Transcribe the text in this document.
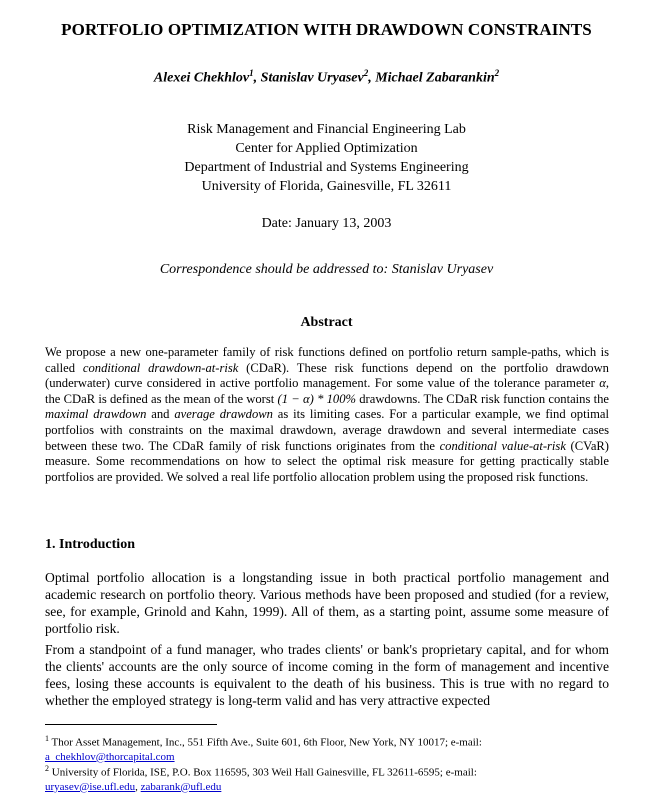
PORTFOLIO OPTIMIZATION WITH DRAWDOWN CONSTRAINTS
Alexei Chekhlov$^1$, Stanislav Uryasev$^2$, Michael Zabarankin$^2$
Risk Management and Financial Engineering Lab
Center for Applied Optimization
Department of Industrial and Systems Engineering
University of Florida, Gainesville, FL 32611
Date: January 13, 2003
Correspondence should be addressed to: Stanislav Uryasev
Abstract
We propose a new one-parameter family of risk functions defined on portfolio return sample-paths, which is called conditional drawdown-at-risk (CDaR). These risk functions depend on the portfolio drawdown (underwater) curve considered in active portfolio management. For some value of the tolerance parameter α, the CDaR is defined as the mean of the worst (1 − α) * 100% drawdowns. The CDaR risk function contains the maximal drawdown and average drawdown as its limiting cases. For a particular example, we find optimal portfolios with constraints on the maximal drawdown, average drawdown and several intermediate cases between these two. The CDaR family of risk functions originates from the conditional value-at-risk (CVaR) measure. Some recommendations on how to select the optimal risk measure for getting practically stable portfolios are provided. We solved a real life portfolio allocation problem using the proposed risk functions.
1. Introduction
Optimal portfolio allocation is a longstanding issue in both practical portfolio management and academic research on portfolio theory. Various methods have been proposed and studied (for a review, see, for example, Grinold and Kahn, 1999). All of them, as a starting point, assume some measure of portfolio risk.
From a standpoint of a fund manager, who trades clients' or bank's proprietary capital, and for whom the clients' accounts are the only source of income coming in the form of management and incentive fees, losing these accounts is equivalent to the death of his business. This is true with no regard to whether the employed strategy is long-term valid and has very attractive expected
$^1$ Thor Asset Management, Inc., 551 Fifth Ave., Suite 601, 6th Floor, New York, NY 10017; e-mail:
a_chekhlov@thorcapital.com
$^2$ University of Florida, ISE, P.O. Box 116595, 303 Weil Hall Gainesville, FL 32611-6595; e-mail:
uryasev@ise.ufl.edu, zabarank@ufl.edu
